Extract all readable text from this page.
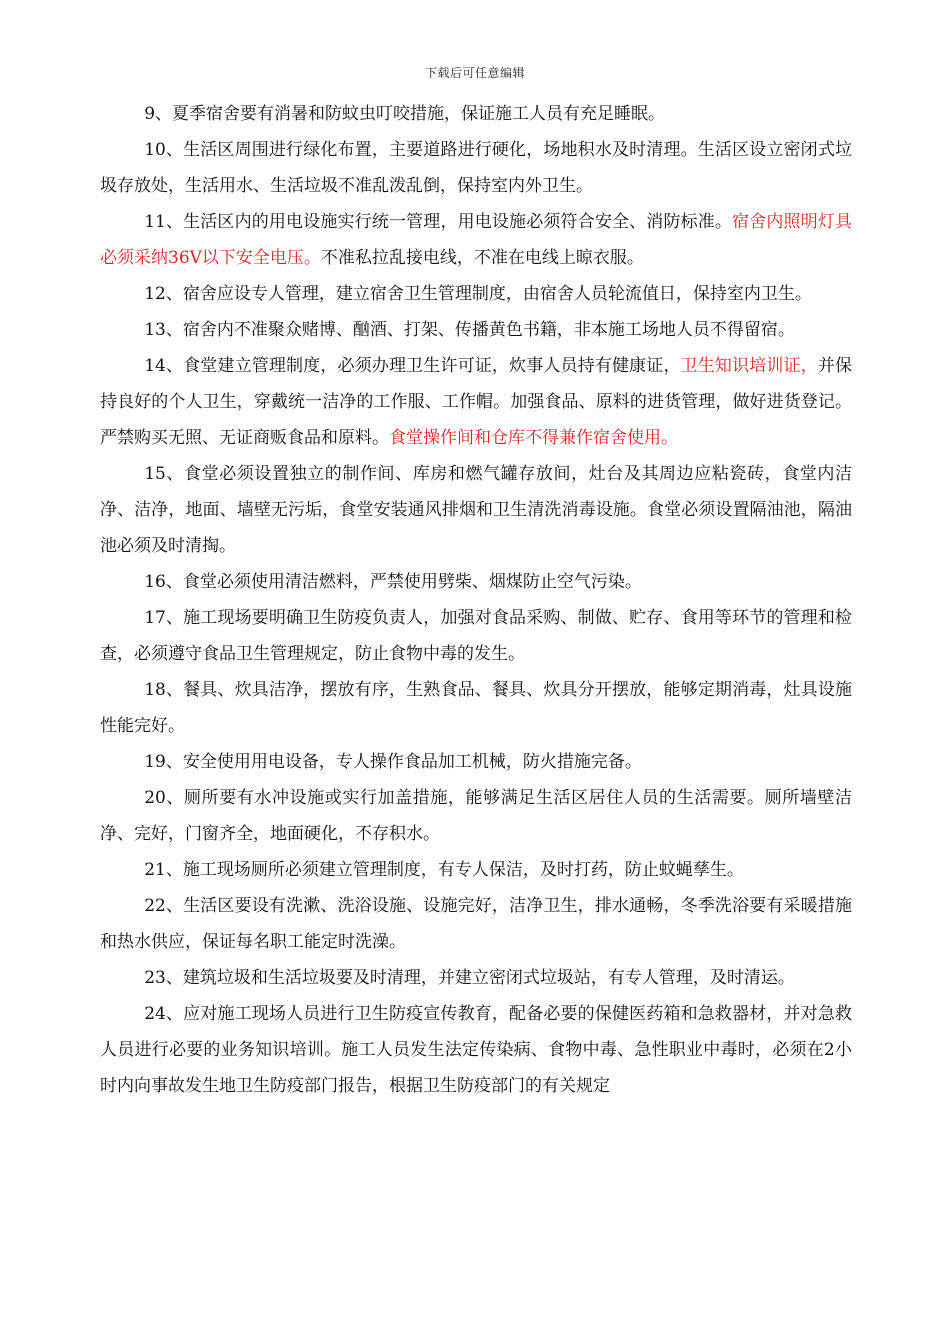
下载后可任意编辑

9、夏季宿舍要有消暑和防蚊虫叮咬措施，保证施工人员有充足睡眠。

10、生活区周围进行绿化布置，主要道路进行硬化，场地积水及时清理。生活区设立密闭式垃圾存放处，生活用水、生活垃圾不准乱泼乱倒，保持室内外卫生。

11、生活区内的用电设施实行统一管理，用电设施必须符合安全、消防标准。宿舍内照明灯具必须采纳36V以下安全电压。不准私拉乱接电线，不准在电线上晾衣服。

12、宿舍应设专人管理，建立宿舍卫生管理制度，由宿舍人员轮流值日，保持室内卫生。

13、宿舍内不准聚众赌博、酗酒、打架、传播黄色书籍，非本施工场地人员不得留宿。

14、食堂建立管理制度，必须办理卫生许可证，炊事人员持有健康证，卫生知识培训证，并保持良好的个人卫生，穿戴统一洁净的工作服、工作帽。加强食品、原料的进货管理，做好进货登记。严禁购买无照、无证商贩食品和原料。食堂操作间和仓库不得兼作宿舍使用。

15、食堂必须设置独立的制作间、库房和燃气罐存放间，灶台及其周边应粘瓷砖，食堂内洁净、洁净，地面、墙壁无污垢，食堂安装通风排烟和卫生清洗消毒设施。食堂必须设置隔油池，隔油池必须及时清掏。

16、食堂必须使用清洁燃料，严禁使用劈柴、烟煤防止空气污染。

17、施工现场要明确卫生防疫负责人，加强对食品采购、制做、贮存、食用等环节的管理和检查，必须遵守食品卫生管理规定，防止食物中毒的发生。

18、餐具、炊具洁净，摆放有序，生熟食品、餐具、炊具分开摆放，能够定期消毒，灶具设施性能完好。

19、安全使用用电设备，专人操作食品加工机械，防火措施完备。

20、厕所要有水冲设施或实行加盖措施，能够满足生活区居住人员的生活需要。厕所墙壁洁净、完好，门窗齐全，地面硬化，不存积水。

21、施工现场厕所必须建立管理制度，有专人保洁，及时打药，防止蚊蝇孳生。

22、生活区要设有洗漱、洗浴设施、设施完好，洁净卫生，排水通畅，冬季洗浴要有采暖措施和热水供应，保证每名职工能定时洗澡。

23、建筑垃圾和生活垃圾要及时清理，并建立密闭式垃圾站，有专人管理，及时清运。

24、应对施工现场人员进行卫生防疫宣传教育，配备必要的保健医药箱和急救器材，并对急救人员进行必要的业务知识培训。施工人员发生法定传染病、食物中毒、急性职业中毒时，必须在2小时内向事故发生地卫生防疫部门报告，根据卫生防疫部门的有关规定
